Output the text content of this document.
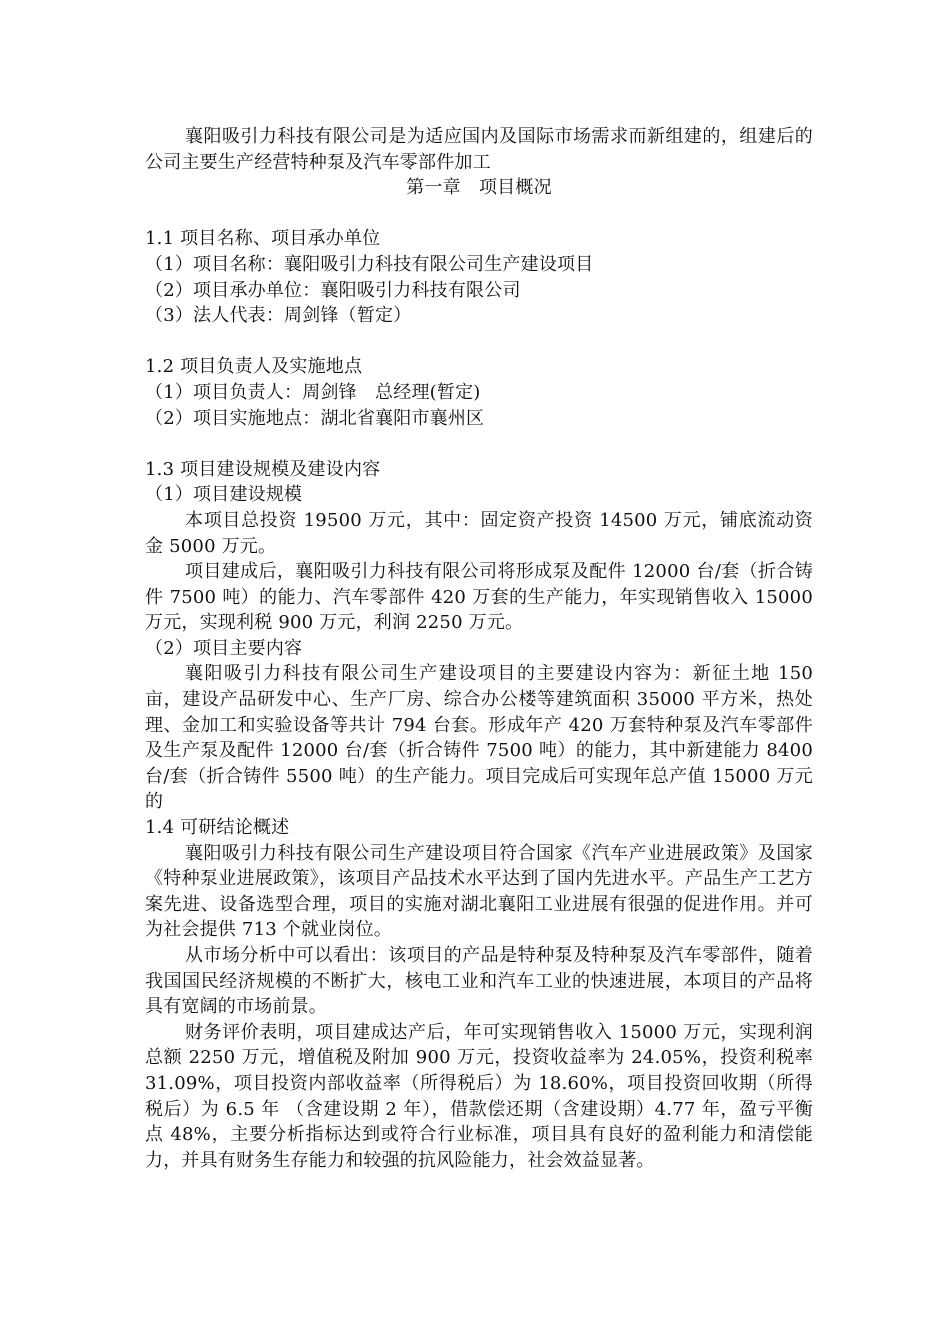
襄阳吸引力科技有限公司是为适应国内及国际市场需求而新组建的，组建后的公司主要生产经营特种泵及汽车零部件加工

第一章　项目概况

1.1 项目名称、项目承办单位

（1）项目名称：襄阳吸引力科技有限公司生产建设项目

（2）项目承办单位：襄阳吸引力科技有限公司

（3）法人代表：周剑锋（暂定）

1.2 项目负责人及实施地点

（1）项目负责人：周剑锋　总经理(暂定)

（2）项目实施地点：湖北省襄阳市襄州区

1.3 项目建设规模及建设内容

（1）项目建设规模

本项目总投资 19500 万元，其中：固定资产投资 14500 万元，铺底流动资金 5000 万元。

项目建成后，襄阳吸引力科技有限公司将形成泵及配件 12000 台/套（折合铸件 7500 吨）的能力、汽车零部件 420 万套的生产能力，年实现销售收入 15000 万元，实现利税 900 万元，利润 2250 万元。

（2）项目主要内容

襄阳吸引力科技有限公司生产建设项目的主要建设内容为：新征土地 150 亩，建设产品研发中心、生产厂房、综合办公楼等建筑面积 35000 平方米，热处理、金加工和实验设备等共计 794 台套。形成年产 420 万套特种泵及汽车零部件及生产泵及配件 12000 台/套（折合铸件 7500 吨）的能力，其中新建能力 8400 台/套（折合铸件 5500 吨）的生产能力。项目完成后可实现年总产值 15000 万元的

1.4 可研结论概述

襄阳吸引力科技有限公司生产建设项目符合国家《汽车产业进展政策》及国家《特种泵业进展政策》，该项目产品技术水平达到了国内先进水平。产品生产工艺方案先进、设备选型合理，项目的实施对湖北襄阳工业进展有很强的促进作用。并可为社会提供 713 个就业岗位。

从市场分析中可以看出：该项目的产品是特种泵及特种泵及汽车零部件，随着我国国民经济规模的不断扩大，核电工业和汽车工业的快速进展，本项目的产品将具有宽阔的市场前景。

财务评价表明，项目建成达产后，年可实现销售收入 15000 万元，实现利润总额 2250 万元，增值税及附加 900 万元，投资收益率为 24.05%，投资利税率 31.09%，项目投资内部收益率（所得税后）为 18.60%，项目投资回收期（所得税后）为 6.5 年 （含建设期 2 年），借款偿还期（含建设期）4.77 年，盈亏平衡点 48%，主要分析指标达到或符合行业标准，项目具有良好的盈利能力和清偿能力，并具有财务生存能力和较强的抗风险能力，社会效益显著。
